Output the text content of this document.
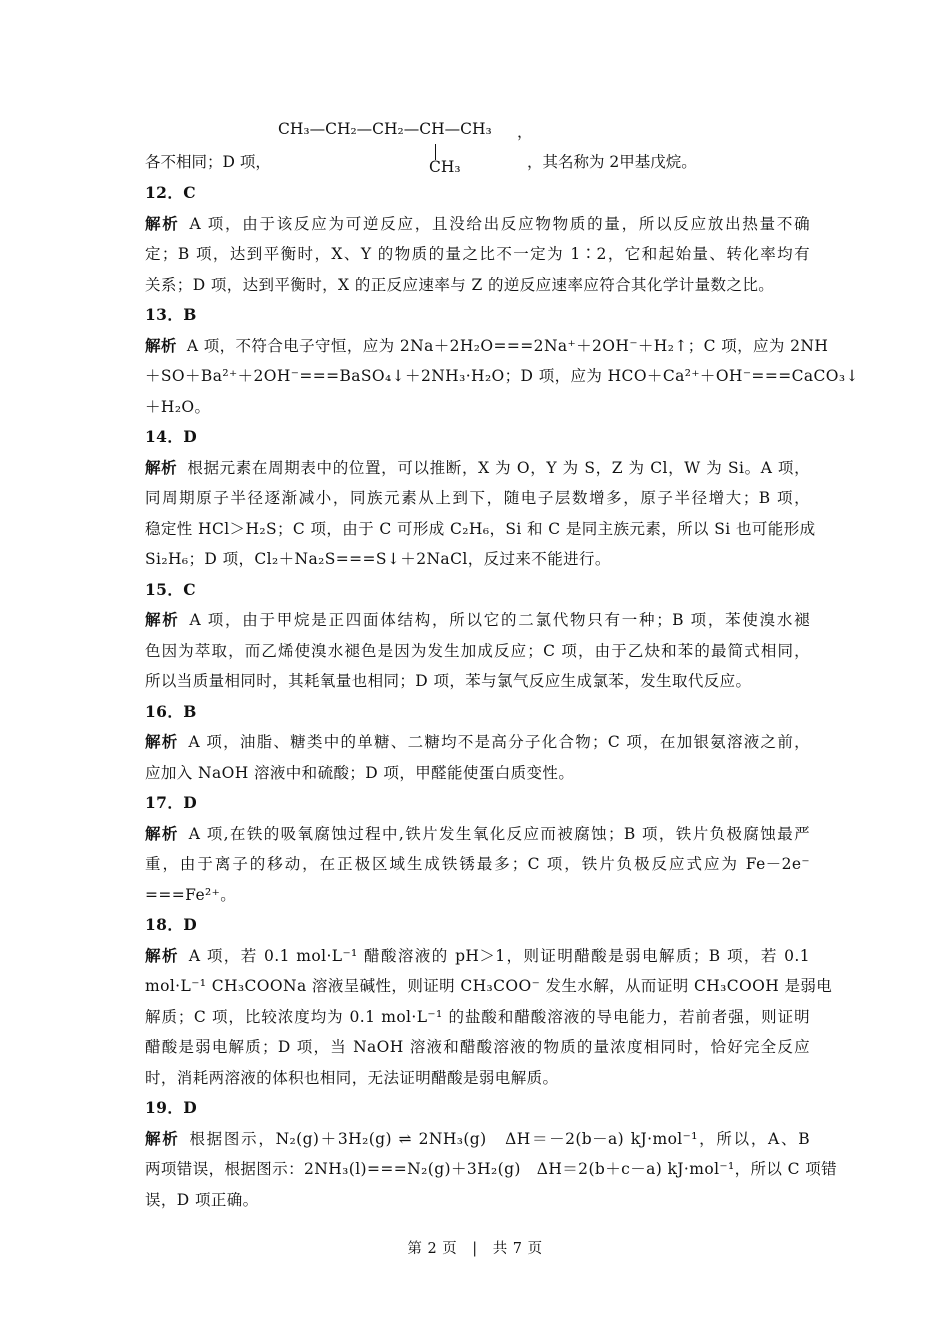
CH₃—CH₂—CH₂—CH—CH₃ ，
CH₃
各不相同；D 项，	，其名称为 2甲基戊烷。
12．C
解析 A 项，由于该反应为可逆反应，且没给出反应物物质的量，所以反应放出热量不确
定；B 项，达到平衡时，X、Y 的物质的量之比不一定为 1∶2，它和起始量、转化率均有
关系；D 项，达到平衡时，X 的正反应速率与 Z 的逆反应速率应符合其化学计量数之比。
13．B
解析 A 项，不符合电子守恒，应为 2Na＋2H₂O===2Na⁺＋2OH⁻＋H₂↑；C 项，应为 2NH
＋SO＋Ba²⁺＋2OH⁻===BaSO₄↓＋2NH₃·H₂O；D 项，应为 HCO＋Ca²⁺＋OH⁻===CaCO₃↓
＋H₂O。
14．D
解析 根据元素在周期表中的位置，可以推断，X 为 O，Y 为 S，Z 为 Cl，W 为 Si。A 项，
同周期原子半径逐渐减小，同族元素从上到下，随电子层数增多，原子半径增大；B 项，
稳定性 HCl＞H₂S；C 项，由于 C 可形成 C₂H₆，Si 和 C 是同主族元素，所以 Si 也可能形成
Si₂H₆；D 项，Cl₂＋Na₂S===S↓＋2NaCl，反过来不能进行。
15．C
解析 A 项，由于甲烷是正四面体结构，所以它的二氯代物只有一种；B 项，苯使溴水褪
色因为萃取，而乙烯使溴水褪色是因为发生加成反应；C 项，由于乙炔和苯的最简式相同，
所以当质量相同时，其耗氧量也相同；D 项，苯与氯气反应生成氯苯，发生取代反应。
16．B
解析 A 项，油脂、糖类中的单糖、二糖均不是高分子化合物；C 项，在加银氨溶液之前，
应加入 NaOH 溶液中和硫酸；D 项，甲醛能使蛋白质变性。
17．D
解析 A 项,在铁的吸氧腐蚀过程中,铁片发生氧化反应而被腐蚀；B 项，铁片负极腐蚀最严
重，由于离子的移动，在正极区域生成铁锈最多；C 项，铁片负极反应式应为 Fe－2e⁻
===Fe²⁺。
18．D
解析 A 项，若 0.1 mol·L⁻¹ 醋酸溶液的 pH＞1，则证明醋酸是弱电解质；B 项，若 0.1
mol·L⁻¹ CH₃COONa 溶液呈碱性，则证明 CH₃COO⁻ 发生水解，从而证明 CH₃COOH 是弱电
解质；C 项，比较浓度均为 0.1 mol·L⁻¹ 的盐酸和醋酸溶液的导电能力，若前者强，则证明
醋酸是弱电解质；D 项，当 NaOH 溶液和醋酸溶液的物质的量浓度相同时，恰好完全反应
时，消耗两溶液的体积也相同，无法证明醋酸是弱电解质。
19．D
解析 根据图示，N₂(g)＋3H₂(g) ⇌ 2NH₃(g)　ΔH＝－2(b－a) kJ·mol⁻¹，所以，A、B
两项错误，根据图示：2NH₃(l)===N₂(g)＋3H₂(g)　ΔH＝2(b＋c－a) kJ·mol⁻¹，所以 C 项错
误，D 项正确。
第 2 页　|　共 7 页
